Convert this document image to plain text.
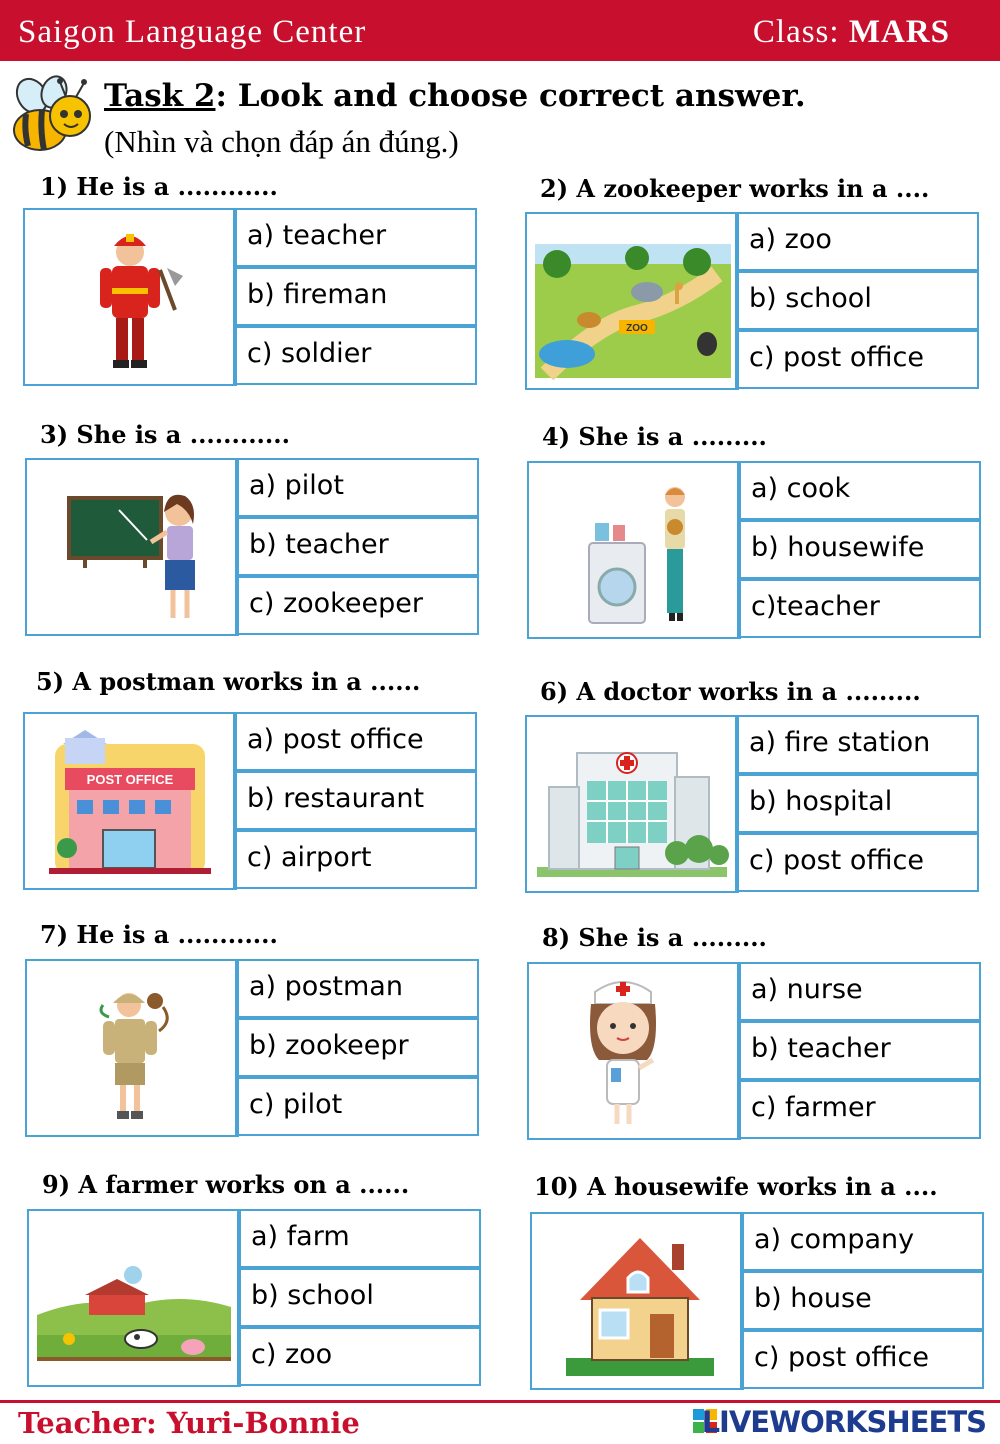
Saigon Language Center	Class: MARS
Task 2: Look and choose correct answer.
(Nhìn và chọn đáp án đúng.)
1) He is a ............
a) teacher
b) fireman
c) soldier
2) A zookeeper works in a ....
ZOO
a) zoo
b) school
c) post office
3) She is a ............
a) pilot
b) teacher
c) zookeeper
4) She is a .........
a) cook
b) housewife
c)teacher
5) A postman works in a ......
POST OFFICE
a) post office
b) restaurant
c) airport
6) A doctor works in a .........
a) fire station
b) hospital
c) post office
7) He is a ............
a) postman
b) zookeepr
c) pilot
8) She is a .........
a) nurse
b) teacher
c) farmer
9) A farmer works on a ......
a) farm
b) school
c) zoo
10) A housewife works in a ....
a) company
b) house
c) post office
Teacher: Yuri-Bonnie	LIVEWORKSHEETS
